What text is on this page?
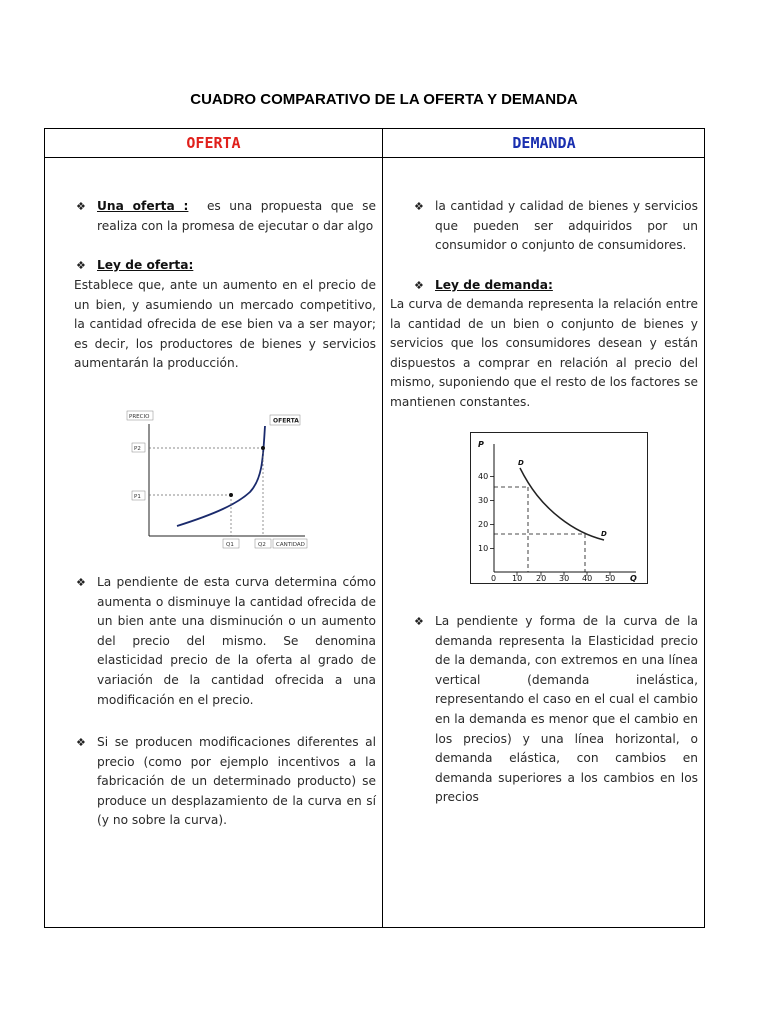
CUADRO COMPARATIVO DE LA OFERTA Y DEMANDA
OFERTA	DEMANDA
❖ Una oferta : es una propuesta que se realiza con la promesa de ejecutar o dar algo
❖ Ley de oferta:
Establece que, ante un aumento en el precio de un bien, y asumiendo un mercado competitivo, la cantidad ofrecida de ese bien va a ser mayor; es decir, los productores de bienes y servicios aumentarán la producción.
PRECIO
OFERTA
P2
P1
Q1	Q2 CANTIDAD
❖ La pendiente de esta curva determina cómo aumenta o disminuye la cantidad ofrecida de un bien ante una disminución o un aumento del precio del mismo. Se denomina elasticidad precio de la oferta al grado de variación de la cantidad ofrecida a una modificación en el precio.
❖ Si se producen modificaciones diferentes al precio (como por ejemplo incentivos a la fabricación de un determinado producto) se produce un desplazamiento de la curva en sí (y no sobre la curva).
❖ la cantidad y calidad de bienes y servicios que pueden ser adquiridos por un consumidor o conjunto de consumidores.
❖ Ley de demanda:
La curva de demanda representa la relación entre la cantidad de un bien o conjunto de bienes y servicios que los consumidores desean y están dispuestos a comprar en relación al precio del mismo, suponiendo que el resto de los factores se mantienen constantes.
P
Q
D
D
40
30
20
10
0 10 20 30 40 50
❖ La pendiente y forma de la curva de la demanda representa la Elasticidad precio de la demanda, con extremos en una línea vertical (demanda inelástica, representando el caso en el cual el cambio en la demanda es menor que el cambio en los precios) y una línea horizontal, o demanda elástica, con cambios en demanda superiores a los cambios en los precios
